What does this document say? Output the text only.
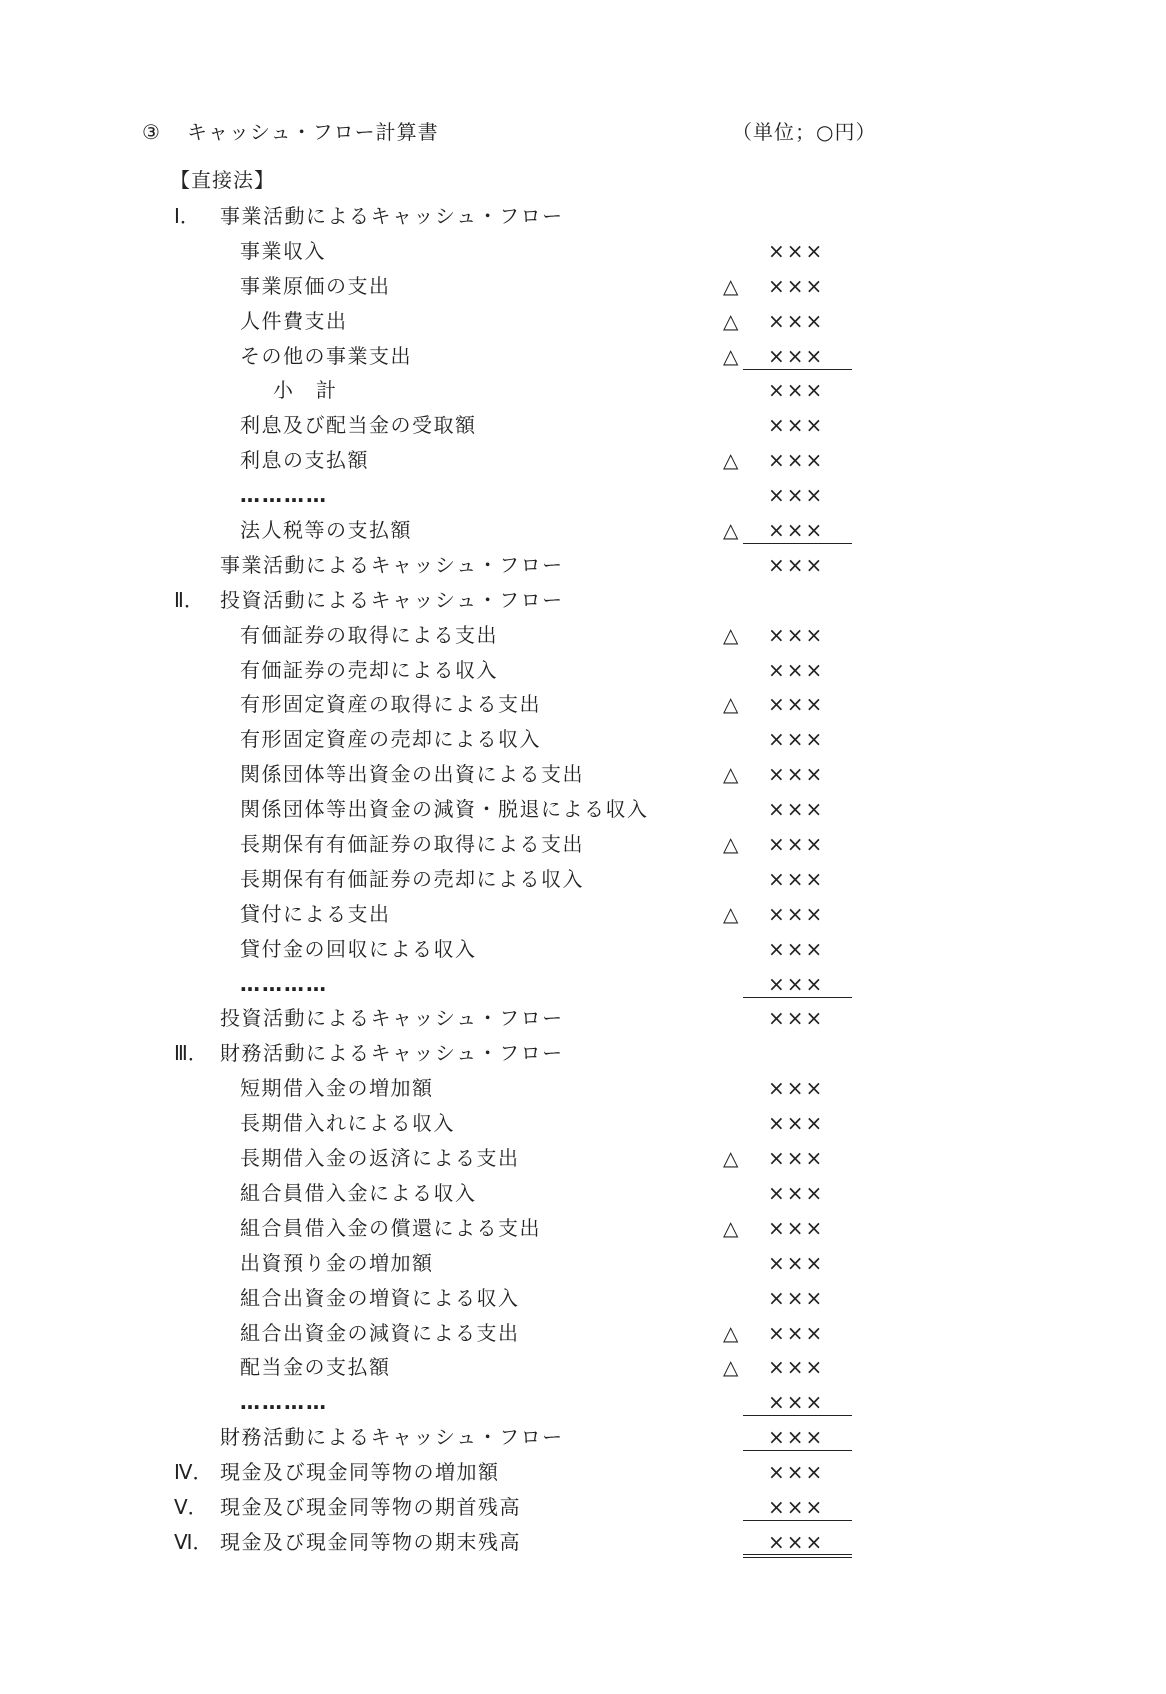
③ キャッシュ・フロー計算書	（単位；○円）
【直接法】
Ⅰ．	事業活動によるキャッシュ・フロー
事業収入	×××
事業原価の支出	△	×××
人件費支出	△	×××
その他の事業支出	△	×××
小　計	×××
利息及び配当金の受取額	×××
利息の支払額	△	×××
…………	×××
法人税等の支払額	△	×××
事業活動によるキャッシュ・フロー	×××
Ⅱ． 投資活動によるキャッシュ・フロー
有価証券の取得による支出	△	×××
有価証券の売却による収入	×××
有形固定資産の取得による支出	△	×××
有形固定資産の売却による収入	×××
関係団体等出資金の出資による支出	△	×××
関係団体等出資金の減資・脱退による収入	×××
長期保有有価証券の取得による支出	△	×××
長期保有有価証券の売却による収入	×××
貸付による支出	△	×××
貸付金の回収による収入	×××
…………	×××
投資活動によるキャッシュ・フロー	×××
Ⅲ． 財務活動によるキャッシュ・フロー
短期借入金の増加額	×××
長期借入れによる収入	×××
長期借入金の返済による支出	△	×××
組合員借入金による収入	×××
組合員借入金の償還による支出	△	×××
出資預り金の増加額	×××
組合出資金の増資による収入	×××
組合出資金の減資による支出	△	×××
配当金の支払額	△	×××
…………	×××
財務活動によるキャッシュ・フロー	×××
Ⅳ． 現金及び現金同等物の増加額	×××
Ⅴ． 現金及び現金同等物の期首残高	×××
Ⅵ． 現金及び現金同等物の期末残高	×××
